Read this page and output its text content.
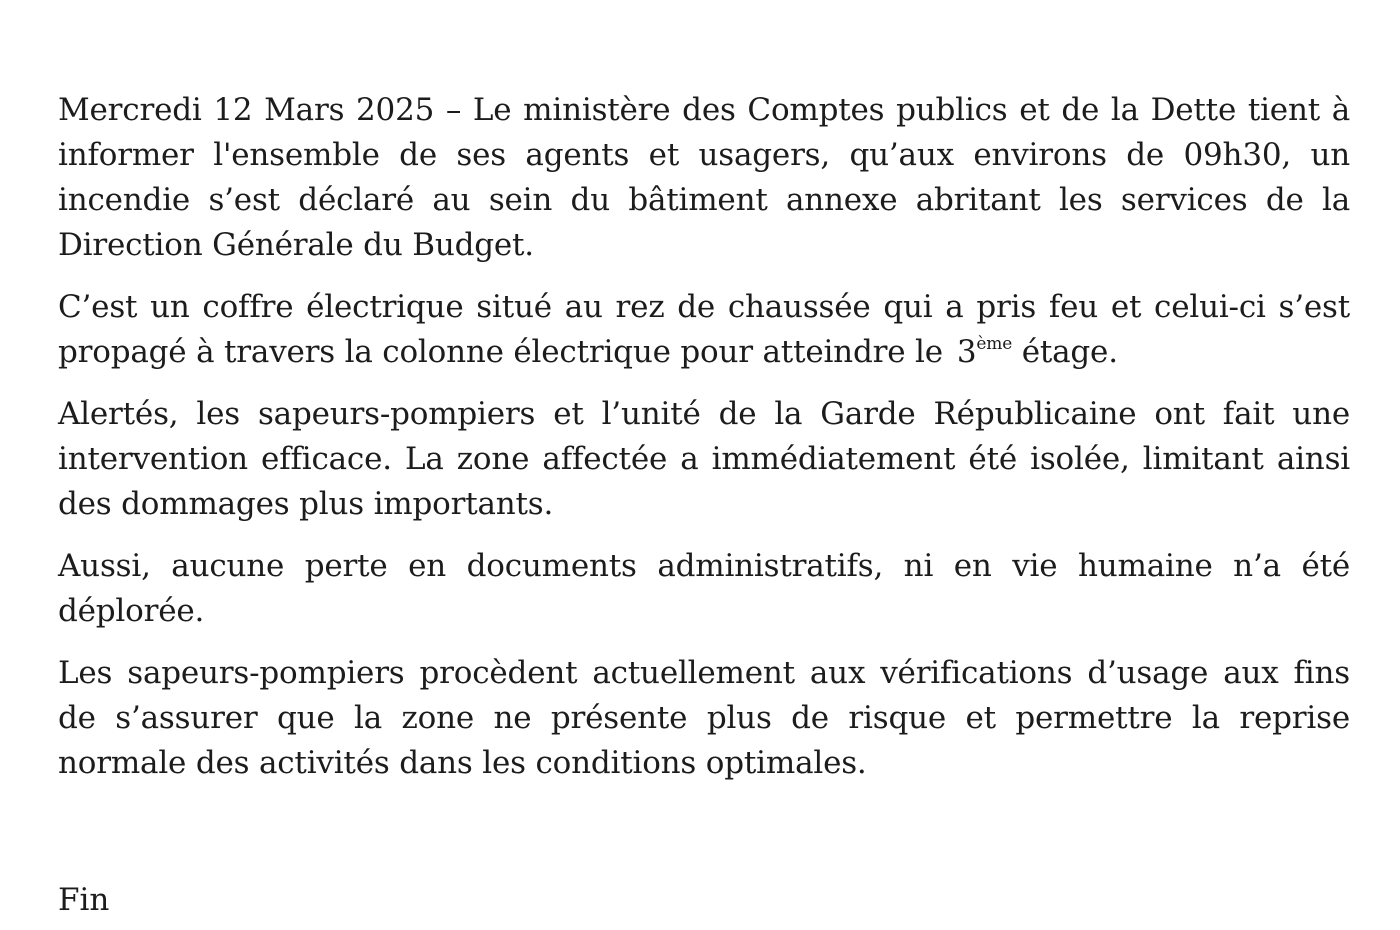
Mercredi 12 Mars 2025 – Le ministère des Comptes publics et de la Dette tient à informer l'ensemble de ses agents et usagers, qu’aux environs de 09h30, un incendie s’est déclaré au sein du bâtiment annexe abritant les services de la Direction Générale du Budget.

C’est un coffre électrique situé au rez de chaussée qui a pris feu et celui-ci s’est propagé à travers la colonne électrique pour atteindre le 3ème étage.

Alertés, les sapeurs-pompiers et l’unité de la Garde Républicaine ont fait une intervention efficace. La zone affectée a immédiatement été isolée, limitant ainsi des dommages plus importants.

Aussi, aucune perte en documents administratifs, ni en vie humaine n’a été déplorée.

Les sapeurs-pompiers procèdent actuellement aux vérifications d’usage aux fins de s’assurer que la zone ne présente plus de risque et permettre la reprise normale des activités dans les conditions optimales.

Fin
